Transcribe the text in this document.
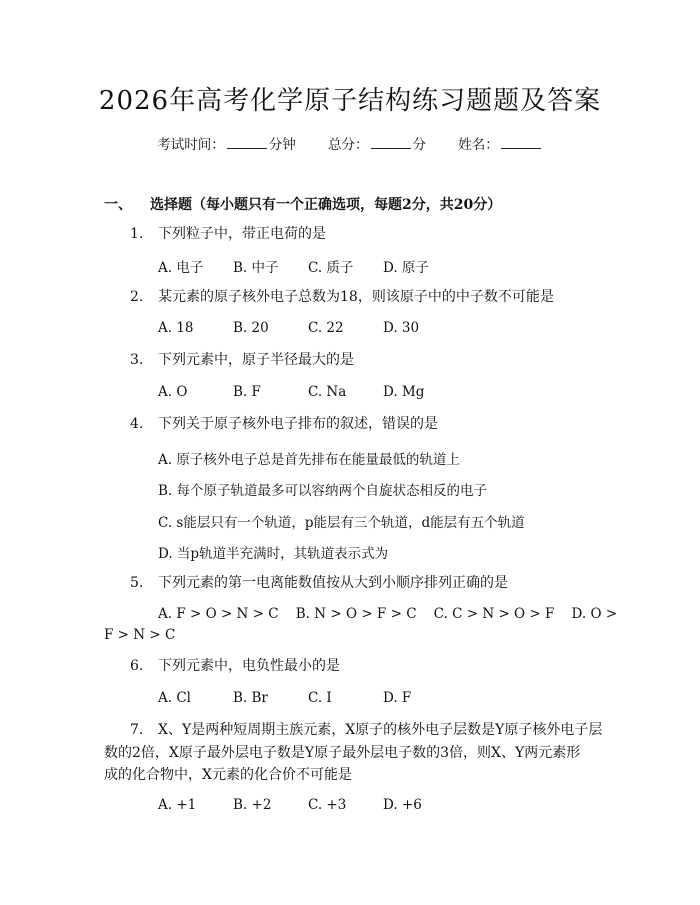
2026年高考化学原子结构练习题题及答案
考试时间：	分钟 总分：	分 姓名：
一、 选择题（每小题只有一个正确选项，每题2分，共20分）
1. 下列粒子中，带正电荷的是
A. 电子 B. 中子 C. 质子 D. 原子
2. 某元素的原子核外电子总数为18，则该原子中的中子数不可能是
A. 18	B. 20	C. 22	D. 30
3. 下列元素中，原子半径最大的是
A. O	B. F	C. Na	D. Mg
4. 下列关于原子核外电子排布的叙述，错误的是
A. 原子核外电子总是首先排布在能量最低的轨道上
B. 每个原子轨道最多可以容纳两个自旋状态相反的电子
C. s能层只有一个轨道，p能层有三个轨道，d能层有五个轨道
D. 当p轨道半充满时，其轨道表示式为
5. 下列元素的第一电离能数值按从大到小顺序排列正确的是
A. F > O > N > C    B. N > O > F > C    C. C > N > O > F    D. O >
F > N > C
6. 下列元素中，电负性最小的是
A. Cl	B. Br	C. I	D. F
7. X、Y是两种短周期主族元素，X原子的核外电子层数是Y原子核外电子层
数的2倍，X原子最外层电子数是Y原子最外层电子数的3倍，则X、Y两元素形
成的化合物中，X元素的化合价不可能是
A. +1	B. +2	C. +3	D. +6
